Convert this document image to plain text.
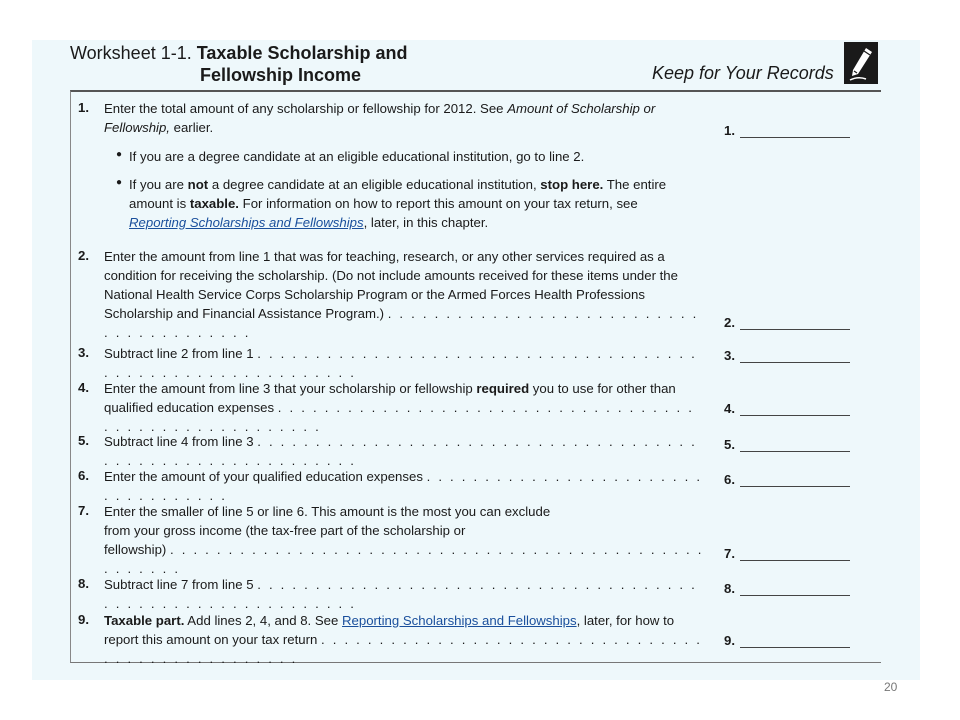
Worksheet 1-1. Taxable Scholarship and
Fellowship Income	Keep for Your Records
1. Enter the total amount of any scholarship or fellowship for 2012. See Amount of Scholarship or
Fellowship, earlier.
● If you are a degree candidate at an eligible educational institution, go to line 2.
● If you are not a degree candidate at an eligible educational institution, stop here. The entire
amount is taxable. For information on how to report this amount on your tax return, see
Reporting Scholarships and Fellowships, later, in this chapter.
1.
2. Enter the amount from line 1 that was for teaching, research, or any other services required as a
condition for receiving the scholarship. (Do not include amounts received for these items under the
National Health Service Corps Scholarship Program or the Armed Forces Health Professions
Scholarship and Financial Assistance Program.) . . . . . . . . . . . . . . . . . . . . . . . . . . . . . . . . . . . . . . . .
2.
3. Subtract line 2 from line 1 . . . . . . . . . . . . . . . . . . . . . . . . . . . . . . . . . . . . . . . . . . . . . . . . . . . . . . . . . . . .
3.
4. Enter the amount from line 3 that your scholarship or fellowship required you to use for other than
qualified education expenses . . . . . . . . . . . . . . . . . . . . . . . . . . . . . . . . . . . . . . . . . . . . . . . . . . . . . . .
4.
5. Subtract line 4 from line 3 . . . . . . . . . . . . . . . . . . . . . . . . . . . . . . . . . . . . . . . . . . . . . . . . . . . . . . . . . . . .
5.
6. Enter the amount of your qualified education expenses . . . . . . . . . . . . . . . . . . . . . . . . . . . . . . . . . . .
6.
7. Enter the smaller of line 5 or line 6. This amount is the most you can exclude
from your gross income (the tax-free part of the scholarship or
fellowship) . . . . . . . . . . . . . . . . . . . . . . . . . . . . . . . . . . . . . . . . . . . . . . . . . . . . .
7.
8. Subtract line 7 from line 5 . . . . . . . . . . . . . . . . . . . . . . . . . . . . . . . . . . . . . . . . . . . . . . . . . . . . . . . . . . . .
8.
9. Taxable part. Add lines 2, 4, and 8. See Reporting Scholarships and Fellowships, later, for how to
report this amount on your tax return . . . . . . . . . . . . . . . . . . . . . . . . . . . . . . . . . . . . . . . . . . . . . . . . . .
9.
20
